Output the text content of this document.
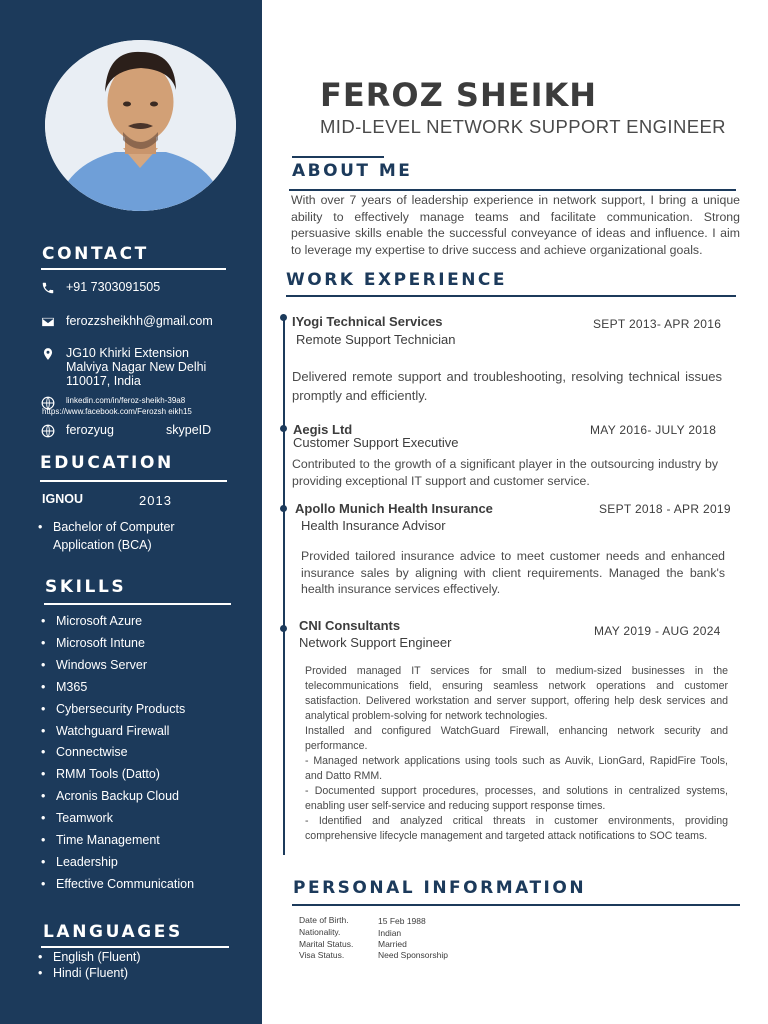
CONTACT
+91 7303091505
ferozzsheikhh@gmail.com
JG10 Khirki Extension
Malviya Nagar New Delhi
110017, India
linkedin.com/in/feroz-sheikh-39a8
https://www.facebook.com/Ferozsh eikh15
ferozyug	skypeID
EDUCATION
IGNOU	2013
• Bachelor of Computer Application (BCA)
SKILLS
• Microsoft Azure
• Microsoft Intune
• Windows Server
• M365
• Cybersecurity Products
• Watchguard Firewall
• Connectwise
• RMM Tools (Datto)
• Acronis Backup Cloud
• Teamwork
• Time Management
• Leadership
• Effective Communication
LANGUAGES
• English (Fluent)
• Hindi (Fluent)
FEROZ SHEIKH
MID-LEVEL NETWORK SUPPORT ENGINEER
ABOUT ME
With over 7 years of leadership experience in network support, I bring a unique ability to effectively manage teams and facilitate communication. Strong persuasive skills enable the successful conveyance of ideas and influence. I aim to leverage my expertise to drive success and achieve organizational goals.
WORK EXPERIENCE
IYogi Technical Services	SEPT 2013- APR 2016
Remote Support Technician
Delivered remote support and troubleshooting, resolving technical issues promptly and efficiently.
Aegis Ltd	MAY 2016- JULY 2018
Customer Support Executive
Contributed to the growth of a significant player in the outsourcing industry by providing exceptional IT support and customer service.
Apollo Munich Health Insurance	SEPT 2018 - APR 2019
Health Insurance Advisor
Provided tailored insurance advice to meet customer needs and enhanced insurance sales by aligning with client requirements. Managed the bank's health insurance services effectively.
CNI Consultants	MAY 2019 - AUG 2024
Network Support Engineer
Provided managed IT services for small to medium-sized businesses in the telecommunications field, ensuring seamless network operations and customer satisfaction. Delivered workstation and server support, offering help desk services and analytical problem-solving for network technologies.
Installed and configured WatchGuard Firewall, enhancing network security and performance.
- Managed network applications using tools such as Auvik, LionGard, RapidFire Tools, and Datto RMM.
- Documented support procedures, processes, and solutions in centralized systems, enabling user self-service and reducing support response times.
- Identified and analyzed critical threats in customer environments, providing comprehensive lifecycle management and targeted attack notifications to SOC teams.
PERSONAL INFORMATION
Date of Birth.	15 Feb 1988
Nationality.	Indian
Marital Status.	Married
Visa Status.	Need Sponsorship
